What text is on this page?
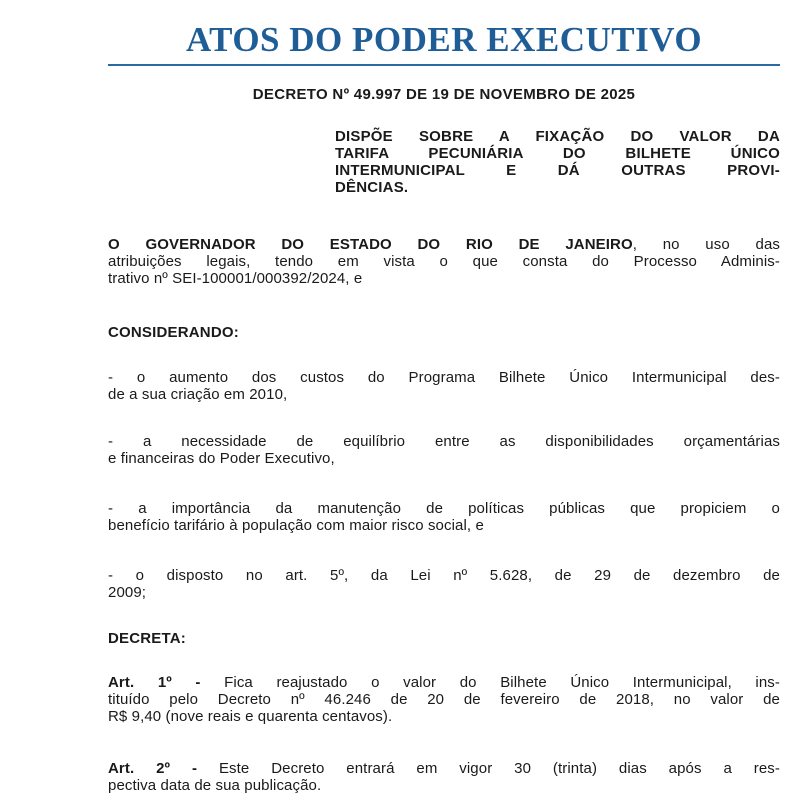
ATOS DO PODER EXECUTIVO
DECRETO Nº 49.997 DE 19 DE NOVEMBRO DE 2025
DISPÕE SOBRE A FIXAÇÃO DO VALOR DA
TARIFA PECUNIÁRIA DO BILHETE ÚNICO
INTERMUNICIPAL E DÁ OUTRAS PROVI-
DÊNCIAS.
O GOVERNADOR DO ESTADO DO RIO DE JANEIRO, no uso das
atribuições legais, tendo em vista o que consta do Processo Adminis-
trativo nº SEI-100001/000392/2024, e
CONSIDERANDO:
- o aumento dos custos do Programa Bilhete Único Intermunicipal des-
de a sua criação em 2010,
- a necessidade de equilíbrio entre as disponibilidades orçamentárias
e financeiras do Poder Executivo,
- a importância da manutenção de políticas públicas que propiciem o
benefício tarifário à população com maior risco social, e
- o disposto no art. 5º, da Lei nº 5.628, de 29 de dezembro de
2009;
DECRETA:
Art. 1º - Fica reajustado o valor do Bilhete Único Intermunicipal, ins-
tituído pelo Decreto nº 46.246 de 20 de fevereiro de 2018, no valor de
R$ 9,40 (nove reais e quarenta centavos).
Art. 2º - Este Decreto entrará em vigor 30 (trinta) dias após a res-
pectiva data de sua publicação.
